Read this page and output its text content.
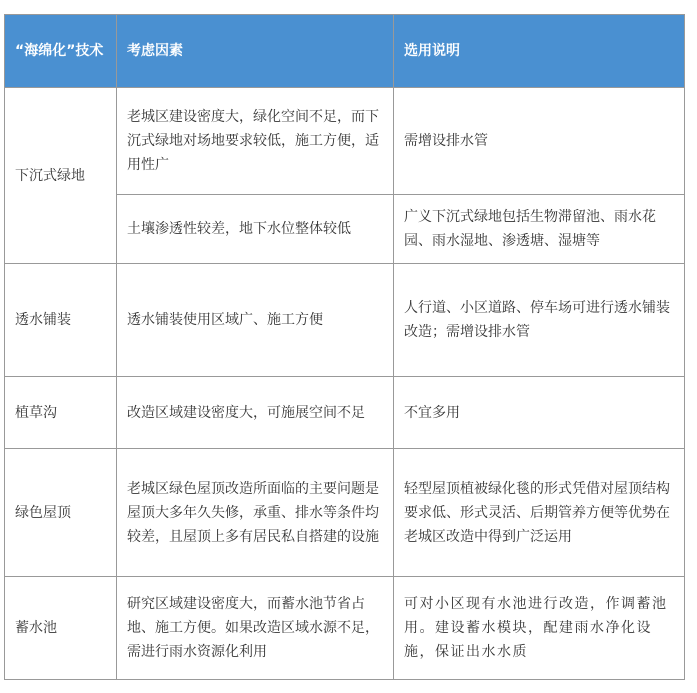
“海绵化”技术	考虑因素	选用说明
下沉式绿地	老城区建设密度大，绿化空间不足，而下沉式绿地对场地要求较低，施工方便，适用性广	需增设排水管
	土壤渗透性较差，地下水位整体较低	广义下沉式绿地包括生物滞留池、雨水花园、雨水湿地、渗透塘、湿塘等
透水铺装	透水铺装使用区域广、施工方便	人行道、小区道路、停车场可进行透水铺装改造；需增设排水管
植草沟	改造区域建设密度大，可施展空间不足	不宜多用
绿色屋顶	老城区绿色屋顶改造所面临的主要问题是屋顶大多年久失修，承重、排水等条件均较差，且屋顶上多有居民私自搭建的设施	轻型屋顶植被绿化毯的形式凭借对屋顶结构要求低、形式灵活、后期管养方便等优势在老城区改造中得到广泛运用
蓄水池	研究区域建设密度大，而蓄水池节省占地、施工方便。如果改造区域水源不足，需进行雨水资源化利用	可对小区现有水池进行改造，作调蓄池用。建设蓄水模块，配建雨水净化设施，保证出水水质
